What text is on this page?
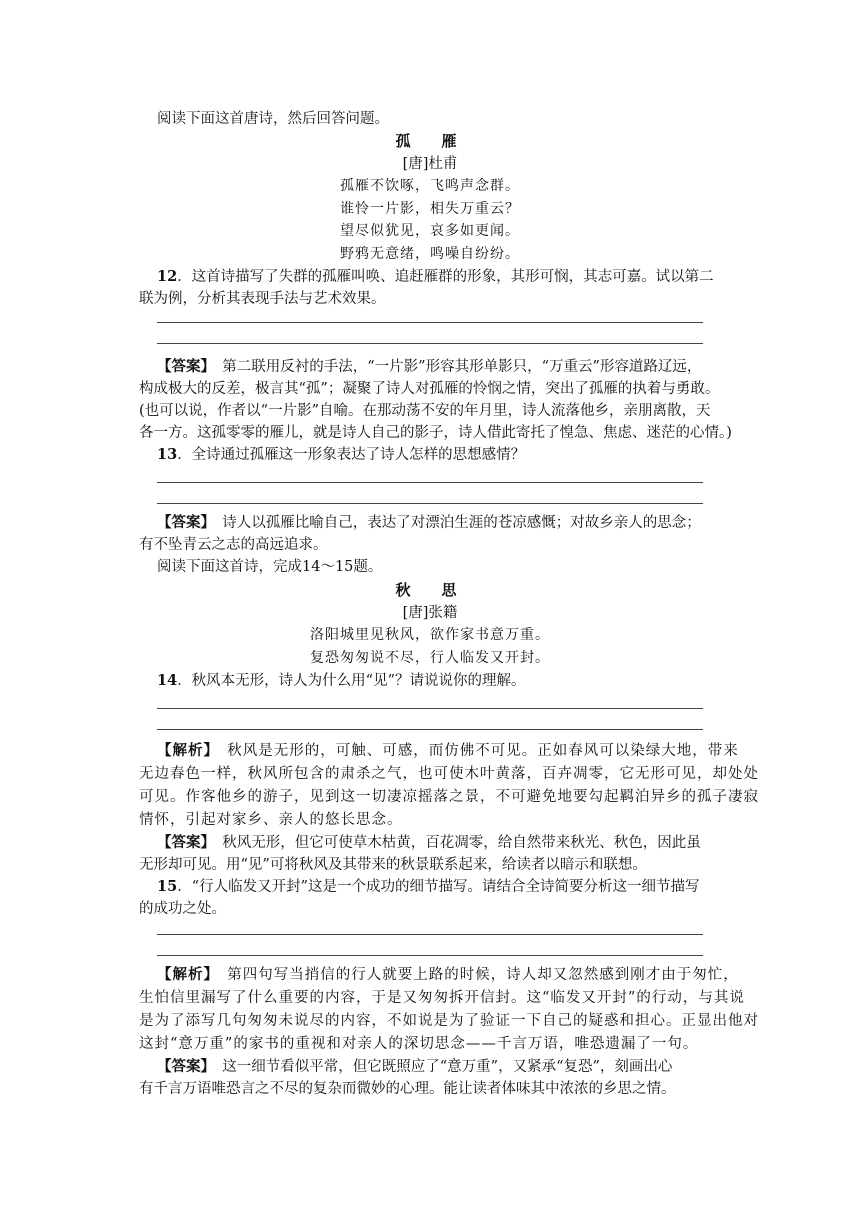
阅读下面这首唐诗，然后回答问题。
孤　雁
[唐]杜甫
孤雁不饮啄，飞鸣声念群。
谁怜一片影，相失万重云？
望尽似犹见，哀多如更闻。
野鸦无意绪，鸣噪自纷纷。
12．这首诗描写了失群的孤雁叫唤、追赶雁群的形象，其形可悯，其志可嘉。试以第二
联为例，分析其表现手法与艺术效果。
【答案】　 第二联用反衬的手法，“一片影”形容其形单影只，“万重云”形容道路辽远，
构成极大的反差，极言其“孤”；凝聚了诗人对孤雁的怜悯之情，突出了孤雁的执着与勇敢。
(也可以说，作者以“一片影”自喻。在那动荡不安的年月里，诗人流落他乡，亲朋离散，天
各一方。这孤零零的雁儿，就是诗人自己的影子，诗人借此寄托了惶急、焦虑、迷茫的心情。)
13．全诗通过孤雁这一形象表达了诗人怎样的思想感情？
【答案】　 诗人以孤雁比喻自己，表达了对漂泊生涯的苍凉感慨；对故乡亲人的思念；
有不坠青云之志的高远追求。
阅读下面这首诗，完成14～15题。
秋　思
[唐]张籍
洛阳城里见秋风，欲作家书意万重。
复恐匆匆说不尽，行人临发又开封。
14．秋风本无形，诗人为什么用“见”？请说说你的理解。
【解析】　 秋风是无形的，可触、可感，而仿佛不可见。正如春风可以染绿大地，带来
无边春色一样，秋风所包含的肃杀之气，也可使木叶黄落，百卉凋零，它无形可见，却处处
可见。作客他乡的游子，见到这一切凄凉摇落之景，不可避免地要勾起羁泊异乡的孤子凄寂
情怀，引起对家乡、亲人的悠长思念。
【答案】　 秋风无形，但它可使草木枯黄，百花凋零，给自然带来秋光、秋色，因此虽
无形却可见。用“见”可将秋风及其带来的秋景联系起来，给读者以暗示和联想。
15．“行人临发又开封”这是一个成功的细节描写。请结合全诗简要分析这一细节描写
的成功之处。
【解析】　 第四句写当捎信的行人就要上路的时候，诗人却又忽然感到刚才由于匆忙，
生怕信里漏写了什么重要的内容，于是又匆匆拆开信封。这“临发又开封”的行动，与其说
是为了添写几句匆匆未说尽的内容，不如说是为了验证一下自己的疑惑和担心。正显出他对
这封“意万重”的家书的重视和对亲人的深切思念——千言万语，唯恐遗漏了一句。
【答案】　 这一细节看似平常，但它既照应了“意万重”，又紧承“复恐”，刻画出心
有千言万语唯恐言之不尽的复杂而微妙的心理。能让读者体味其中浓浓的乡思之情。
